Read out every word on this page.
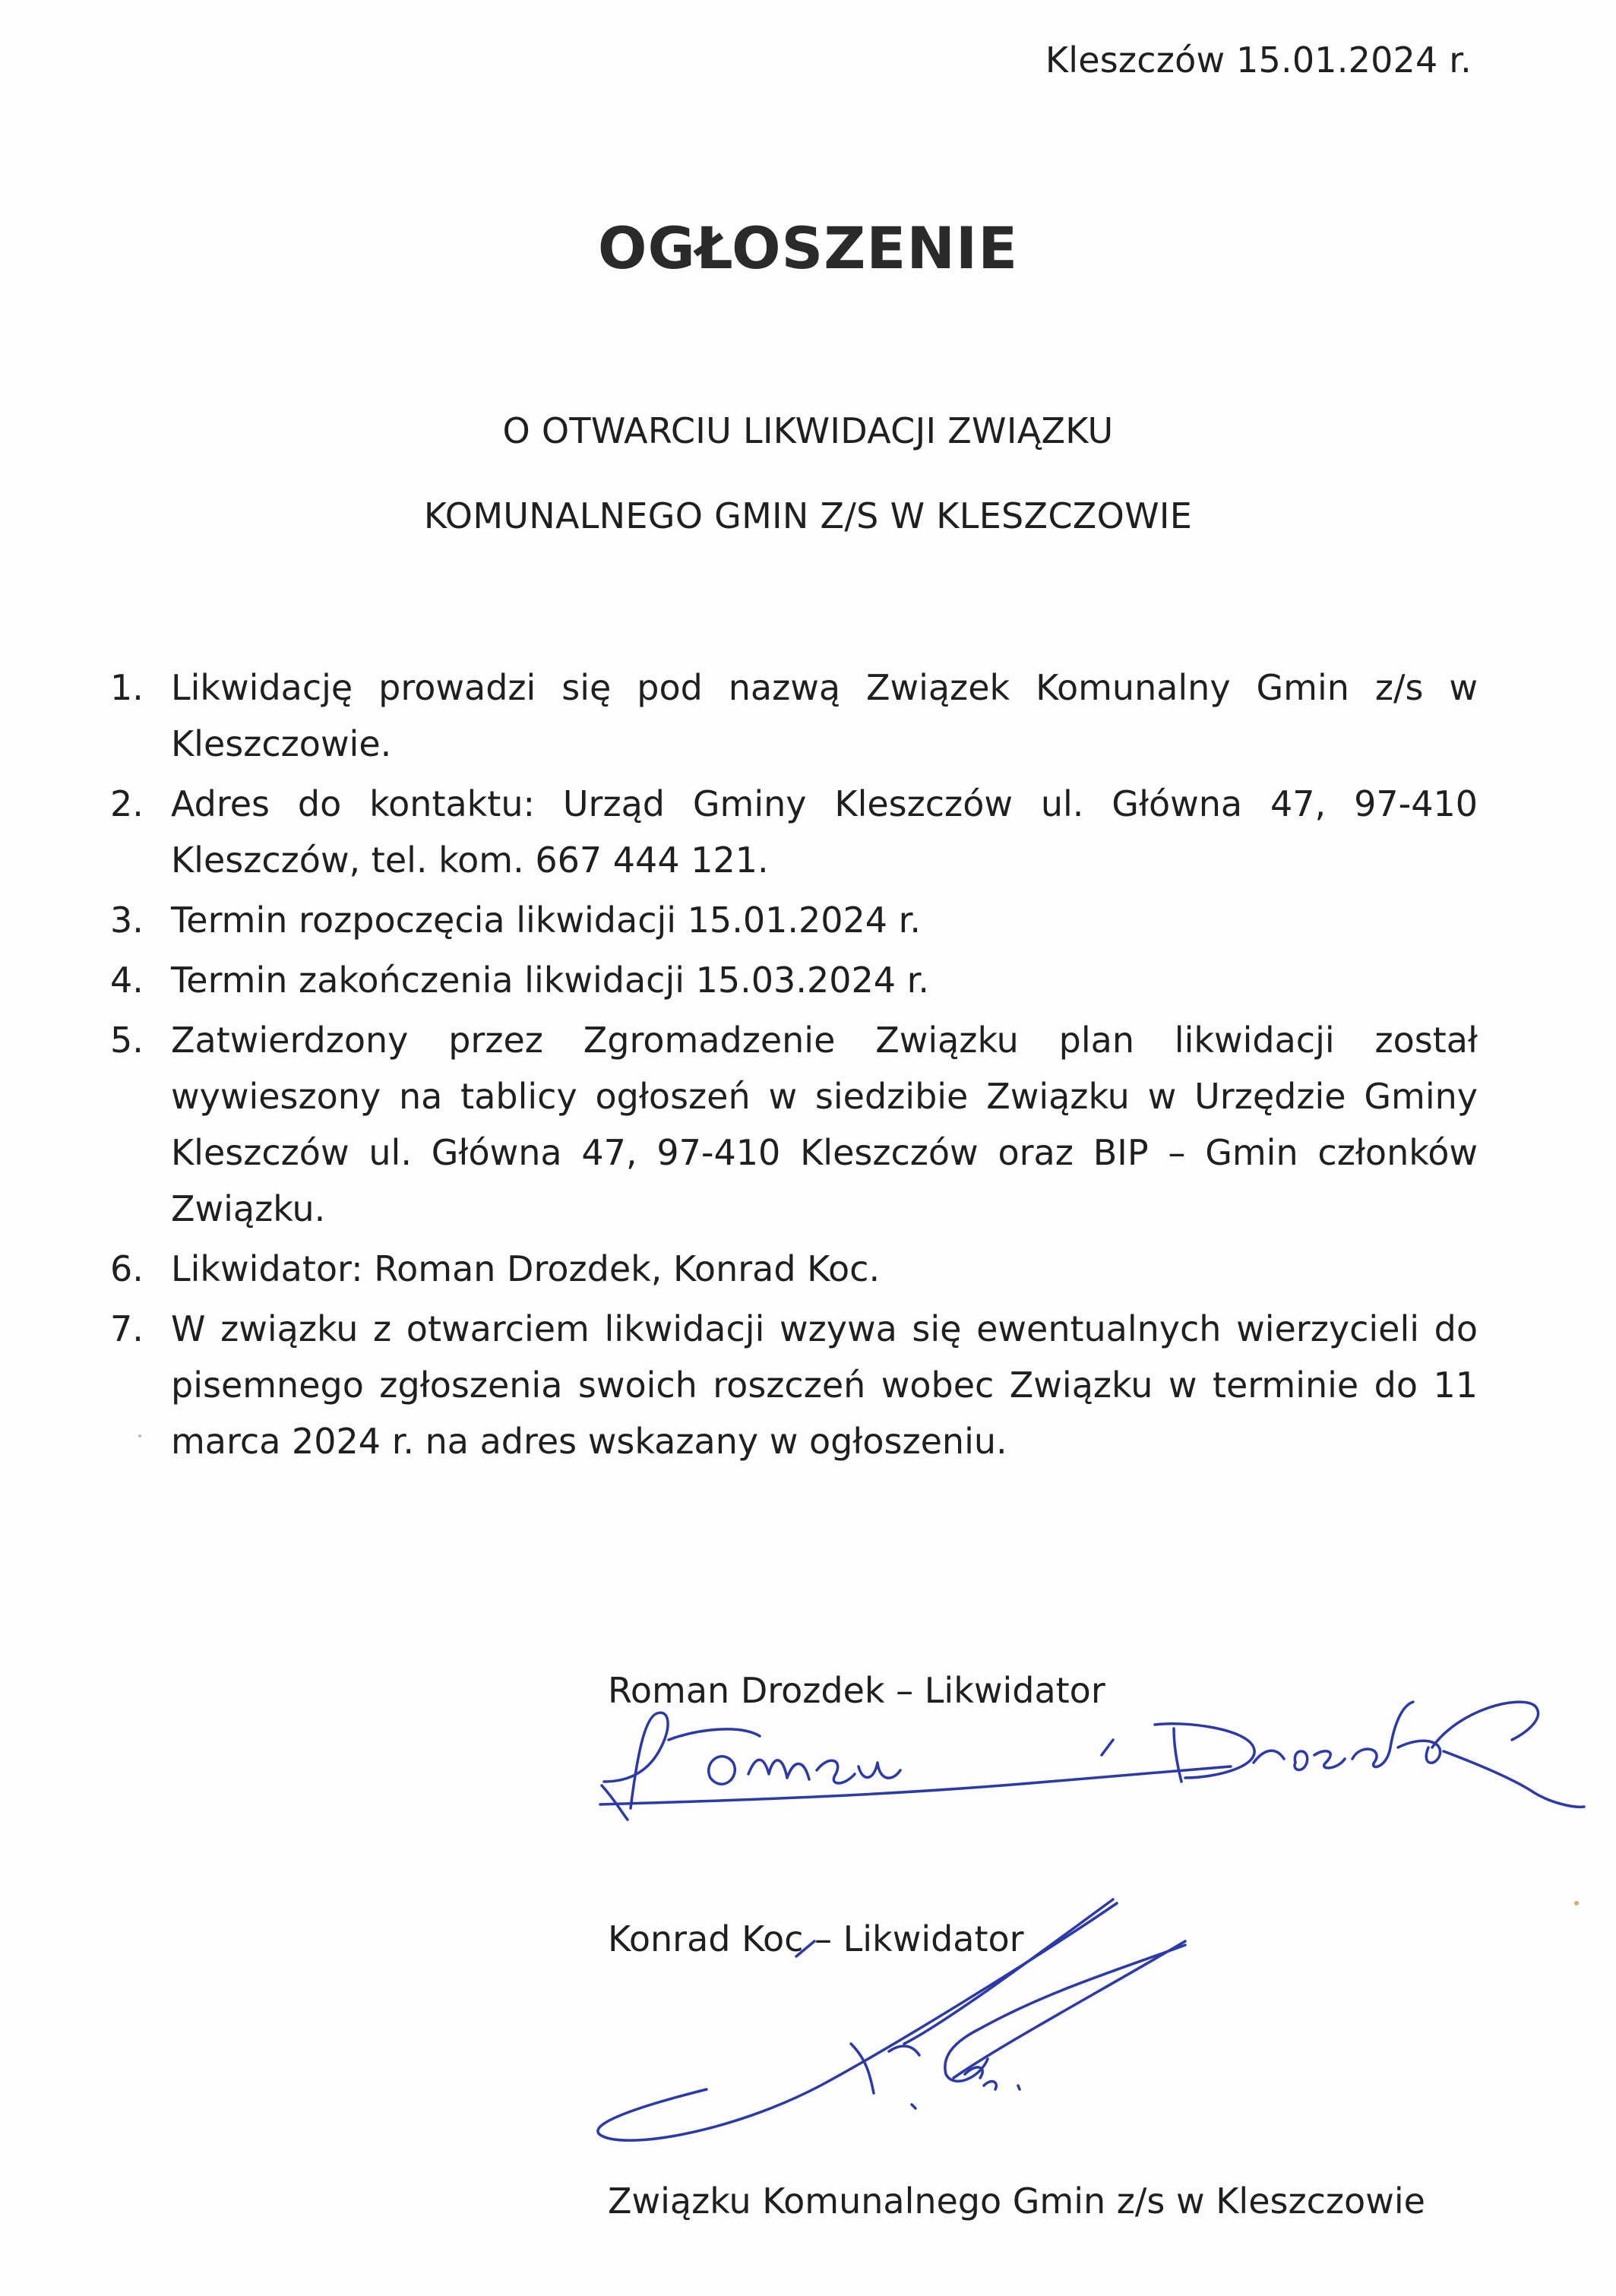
Kleszczów 15.01.2024 r.
OGŁOSZENIE
O OTWARCIU LIKWIDACJI ZWIĄZKU
KOMUNALNEGO GMIN Z/S W KLESZCZOWIE
1. Likwidację prowadzi się pod nazwą Związek Komunalny Gmin z/s w Kleszczowie.
2. Adres do kontaktu: Urząd Gminy Kleszczów ul. Główna 47, 97-410 Kleszczów, tel. kom. 667 444 121.
3. Termin rozpoczęcia likwidacji 15.01.2024 r.
4. Termin zakończenia likwidacji 15.03.2024 r.
5. Zatwierdzony przez Zgromadzenie Związku plan likwidacji został wywieszony na tablicy ogłoszeń w siedzibie Związku w Urzędzie Gminy Kleszczów ul. Główna 47, 97-410 Kleszczów oraz BIP – Gmin członków Związku.
6. Likwidator: Roman Drozdek, Konrad Koc.
7. W związku z otwarciem likwidacji wzywa się ewentualnych wierzycieli do pisemnego zgłoszenia swoich roszczeń wobec Związku w terminie do 11 marca 2024 r. na adres wskazany w ogłoszeniu.
Roman Drozdek – Likwidator
Konrad Koc – Likwidator
Związku Komunalnego Gmin z/s w Kleszczowie
